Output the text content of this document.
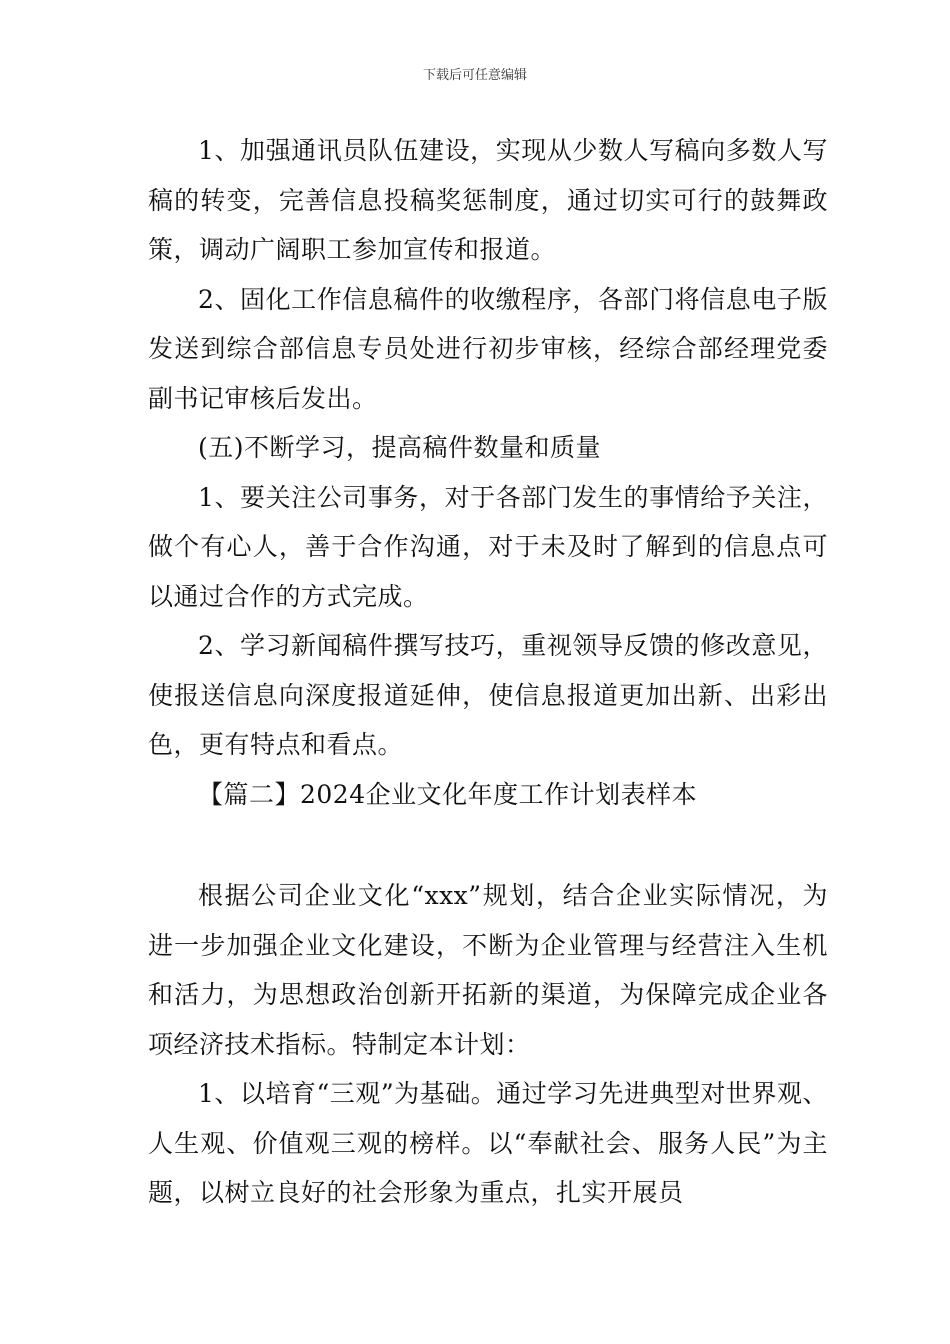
下载后可任意编辑

1、加强通讯员队伍建设，实现从少数人写稿向多数人写稿的转变，完善信息投稿奖惩制度，通过切实可行的鼓舞政策，调动广阔职工参加宣传和报道。

2、固化工作信息稿件的收缴程序，各部门将信息电子版发送到综合部信息专员处进行初步审核，经综合部经理党委副书记审核后发出。

(五)不断学习，提高稿件数量和质量

1、要关注公司事务，对于各部门发生的事情给予关注，做个有心人，善于合作沟通，对于未及时了解到的信息点可以通过合作的方式完成。

2、学习新闻稿件撰写技巧，重视领导反馈的修改意见，使报送信息向深度报道延伸，使信息报道更加出新、出彩出色，更有特点和看点。

【篇二】2024企业文化年度工作计划表样本

根据公司企业文化“xxx”规划，结合企业实际情况，为进一步加强企业文化建设，不断为企业管理与经营注入生机和活力，为思想政治创新开拓新的渠道，为保障完成企业各项经济技术指标。特制定本计划：

1、以培育“三观”为基础。通过学习先进典型对世界观、人生观、价值观三观的榜样。以“奉献社会、服务人民”为主题，以树立良好的社会形象为重点，扎实开展员
